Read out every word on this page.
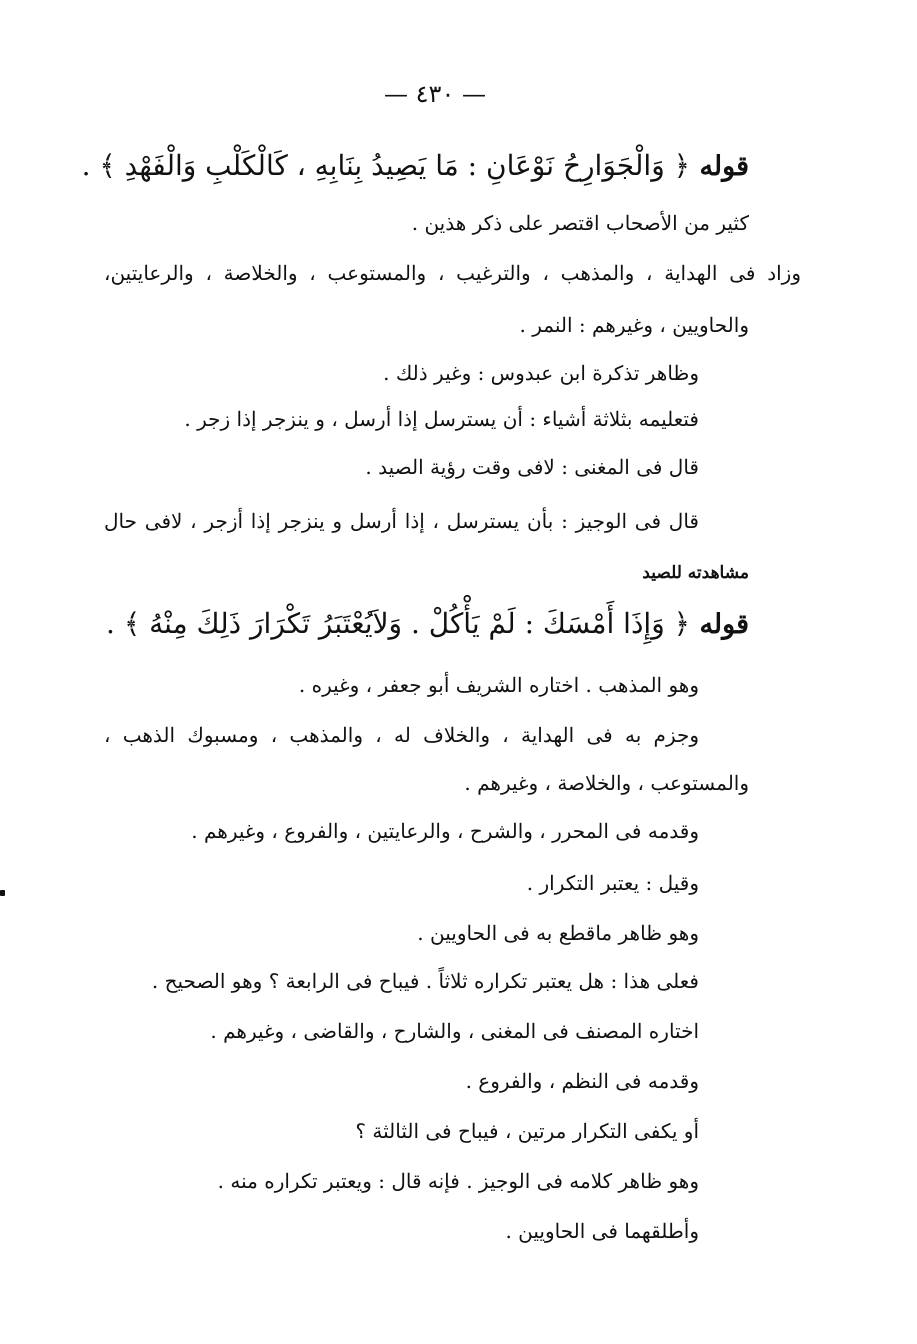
— ٤٣٠ —
قوله ﴿ وَالْجَوَارِحُ نَوْعَانِ : مَا يَصِيدُ بِنَابِهِ ، كَالْكَلْبِ وَالْفَهْدِ ﴾ .
كثير من الأصحاب اقتصر على ذكر هذين .
وزاد فى الهداية ، والمذهب ، والترغيب ، والمستوعب ، والخلاصة ، والرعايتين،
والحاويين ، وغيرهم : النمر .
وظاهر تذكرة ابن عبدوس : وغير ذلك .
فتعليمه بثلاثة أشياء : أن يسترسل إذا أرسل ، و ينزجر إذا زجر .
قال فى المغنى : لافى وقت رؤية الصيد .
قال فى الوجيز : بأن يسترسل ، إذا أرسل و ينزجر إذا أزجر ، لافى حال
مشاهدته للصيد
قوله ﴿ وَإِذَا أَمْسَكَ : لَمْ يَأْكُلْ . وَلاَيُعْتَبَرُ تَكْرَارَ ذَلِكَ مِنْهُ ﴾ .
وهو المذهب . اختاره الشريف أبو جعفر ، وغيره .
وجزم به فى الهداية ، والخلاف له ، والمذهب ، ومسبوك الذهب ،
والمستوعب ، والخلاصة ، وغيرهم .
وقدمه فى المحرر ، والشرح ، والرعايتين ، والفروع ، وغيرهم .
وقيل : يعتبر التكرار .
وهو ظاهر ماقطع به فى الحاويين .
فعلى هذا : هل يعتبر تكراره ثلاثاً . فيباح فى الرابعة ؟ وهو الصحيح .
اختاره المصنف فى المغنى ، والشارح ، والقاضى ، وغيرهم .
وقدمه فى النظم ، والفروع .
أو يكفى التكرار مرتين ، فيباح فى الثالثة ؟
وهو ظاهر كلامه فى الوجيز . فإنه قال : ويعتبر تكراره منه .
وأطلقهما فى الحاويين .
